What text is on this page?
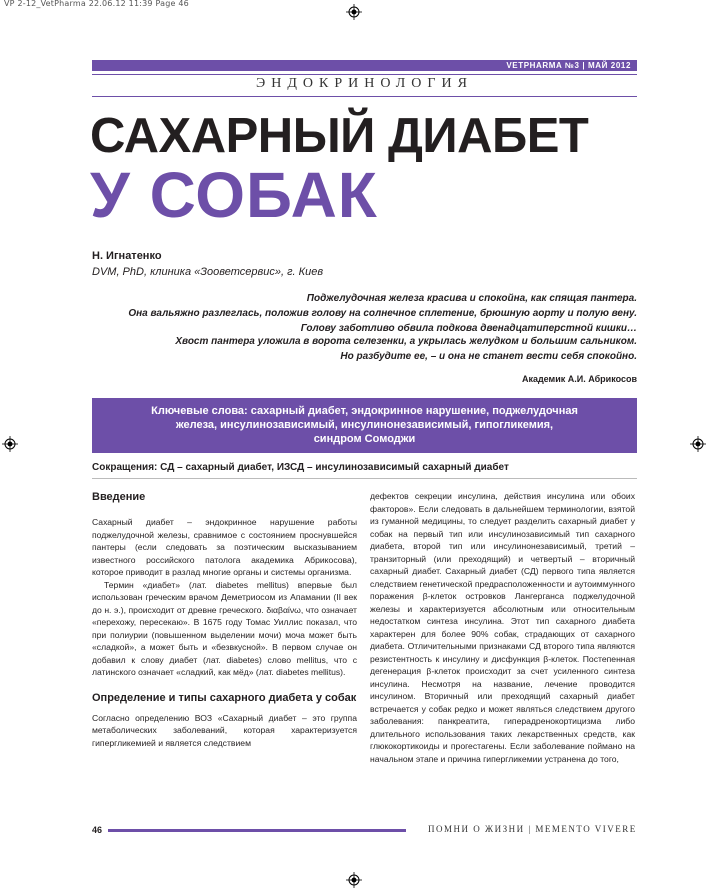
VP 2-12_VetPharma 22.06.12 11:39 Page 46
VETPHARMA №3 | МАЙ 2012
ЭНДОКРИНОЛОГИЯ
САХАРНЫЙ ДИАБЕТ
У СОБАК
Н. Игнатенко
DVM, PhD, клиника «Зооветсервис», г. Киев
Поджелудочная железа красива и спокойна, как спящая пантера.
Она вальяжно разлеглась, положив голову на солнечное сплетение, брюшную аорту и полую вену.
Голову заботливо обвила подкова двенадцатиперстной кишки…
Хвост пантера уложила в ворота селезенки, а укрылась желудком и большим сальником.
Но разбудите ее, – и она не станет вести себя спокойно.
Академик А.И. Абрикосов
Ключевые слова: сахарный диабет, эндокринное нарушение, поджелудочная
железа, инсулинозависимый, инсулинонезависимый, гипогликемия,
синдром Сомоджи
Сокращения: СД – сахарный диабет, ИЗСД – инсулинозависимый сахарный диабет
Введение

Сахарный диабет – эндокринное нарушение работы поджелудочной железы, сравнимое с состоянием проснувшейся пантеры (если следовать за поэтическим высказыванием известного российского патолога академика Абрикосова), которое приводит в разлад многие органы и системы организма.

Термин «диабет» (лат. diabetes mellitus) впервые был использован греческим врачом Деметриосом из Апамании (II век до н. э.), происходит от древне греческого. διαβαίνω, что означает «перехожу, пересекаю». В 1675 году Томас Уиллис показал, что при полиурии (повышенном выделении мочи) моча может быть «сладкой», а может быть и «безвкусной». В первом случае он добавил к слову диабет (лат. diabetes) слово mellitus, что с латинского означает «сладкий, как мёд» (лат. diabetes mellitus).

Определение и типы сахарного диабета у собак

Согласно определению ВОЗ «Сахарный диабет – это группа метаболических заболеваний, которая характеризуется гипергликемией и является следствием

дефектов секреции инсулина, действия инсулина или обоих факторов». Если следовать в дальнейшем терминологии, взятой из гуманной медицины, то следует разделить сахарный диабет у собак на первый тип или инсулинозависимый тип сахарного диабета, второй тип или инсулинонезависимый, третий – транзиторный (или преходящий) и четвертый – вторичный сахарный диабет. Сахарный диабет (СД) первого типа является следствием генетической предрасположенности и аутоиммунного поражения β-клеток островков Лангерганса поджелудочной железы и характеризуется абсолютным или относительным недостатком синтеза инсулина. Этот тип сахарного диабета характерен для более 90% собак, страдающих от сахарного диабета. Отличительными признаками СД второго типа являются резистентность к инсулину и дисфункция β-клеток. Постепенная дегенерация β-клеток происходит за счет усиленного синтеза инсулина. Несмотря на название, лечение проводится инсулином. Вторичный или преходящий сахарный диабет встречается у собак редко и может являться следствием другого заболевания: панкреатита, гиперадренокортицизма либо длительного использования таких лекарственных средств, как глюкокортикоиды и прогестагены. Если заболевание поймано на начальном этапе и причина гипергликемии устранена до того,

46	ПОМНИ О ЖИЗНИ | MEMENTO VIVERE
